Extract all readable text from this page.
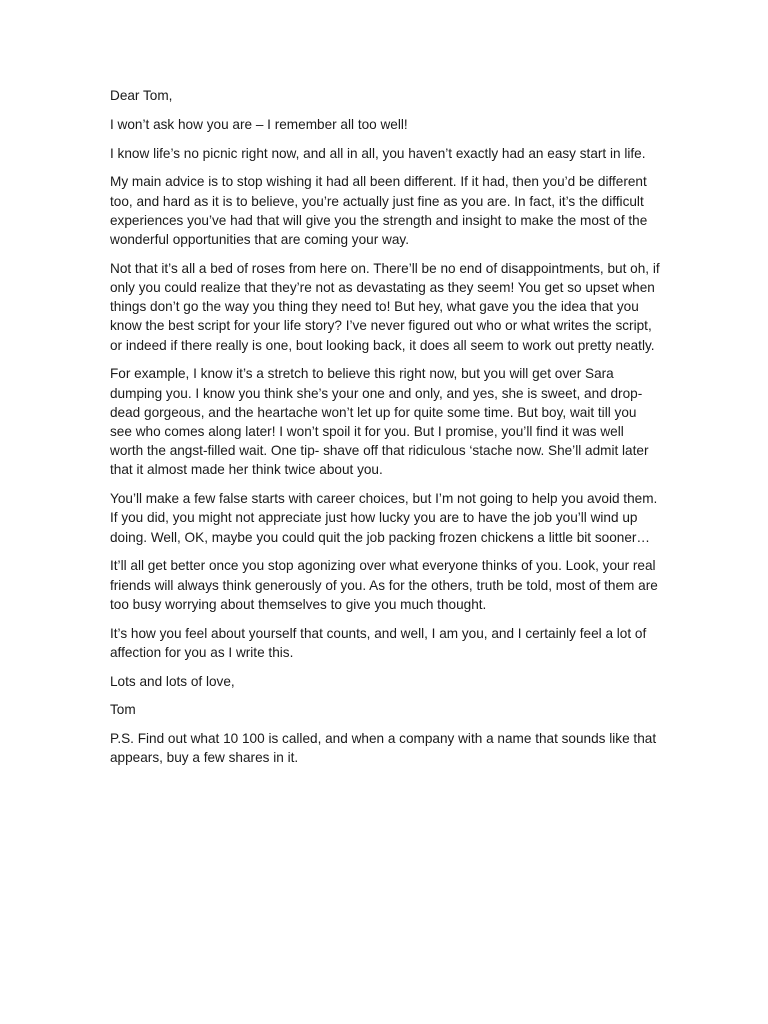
Dear Tom,

I won’t ask how you are – I remember all too well!

I know life’s no picnic right now, and all in all, you haven’t exactly had an easy start in life.

My main advice is to stop wishing it had all been different. If it had, then you’d be different too, and hard as it is to believe, you’re actually just fine as you are. In fact, it’s the difficult experiences you’ve had that will give you the strength and insight to make the most of the wonderful opportunities that are coming your way.

Not that it’s all a bed of roses from here on. There’ll be no end of disappointments, but oh, if only you could realize that they’re not as devastating as they seem! You get so upset when things don’t go the way you thing they need to! But hey, what gave you the idea that you know the best script for your life story? I’ve never figured out who or what writes the script, or indeed if there really is one, bout looking back, it does all seem to work out pretty neatly.

For example, I know it’s a stretch to believe this right now, but you will get over Sara dumping you. I know you think she’s your one and only, and yes, she is sweet, and drop-dead gorgeous, and the heartache won’t let up for quite some time. But boy, wait till you see who comes along later! I won’t spoil it for you. But I promise, you’ll find it was well worth the angst-filled wait. One tip- shave off that ridiculous ‘stache now. She’ll admit later that it almost made her think twice about you.

You’ll make a few false starts with career choices, but I’m not going to help you avoid them. If you did, you might not appreciate just how lucky you are to have the job you’ll wind up doing. Well, OK, maybe you could quit the job packing frozen chickens a little bit sooner…

It’ll all get better once you stop agonizing over what everyone thinks of you. Look, your real friends will always think generously of you. As for the others, truth be told, most of them are too busy worrying about themselves to give you much thought.

It’s how you feel about yourself that counts, and well, I am you, and I certainly feel a lot of affection for you as I write this.

Lots and lots of love,

Tom

P.S. Find out what 10 100 is called, and when a company with a name that sounds like that appears, buy a few shares in it.
